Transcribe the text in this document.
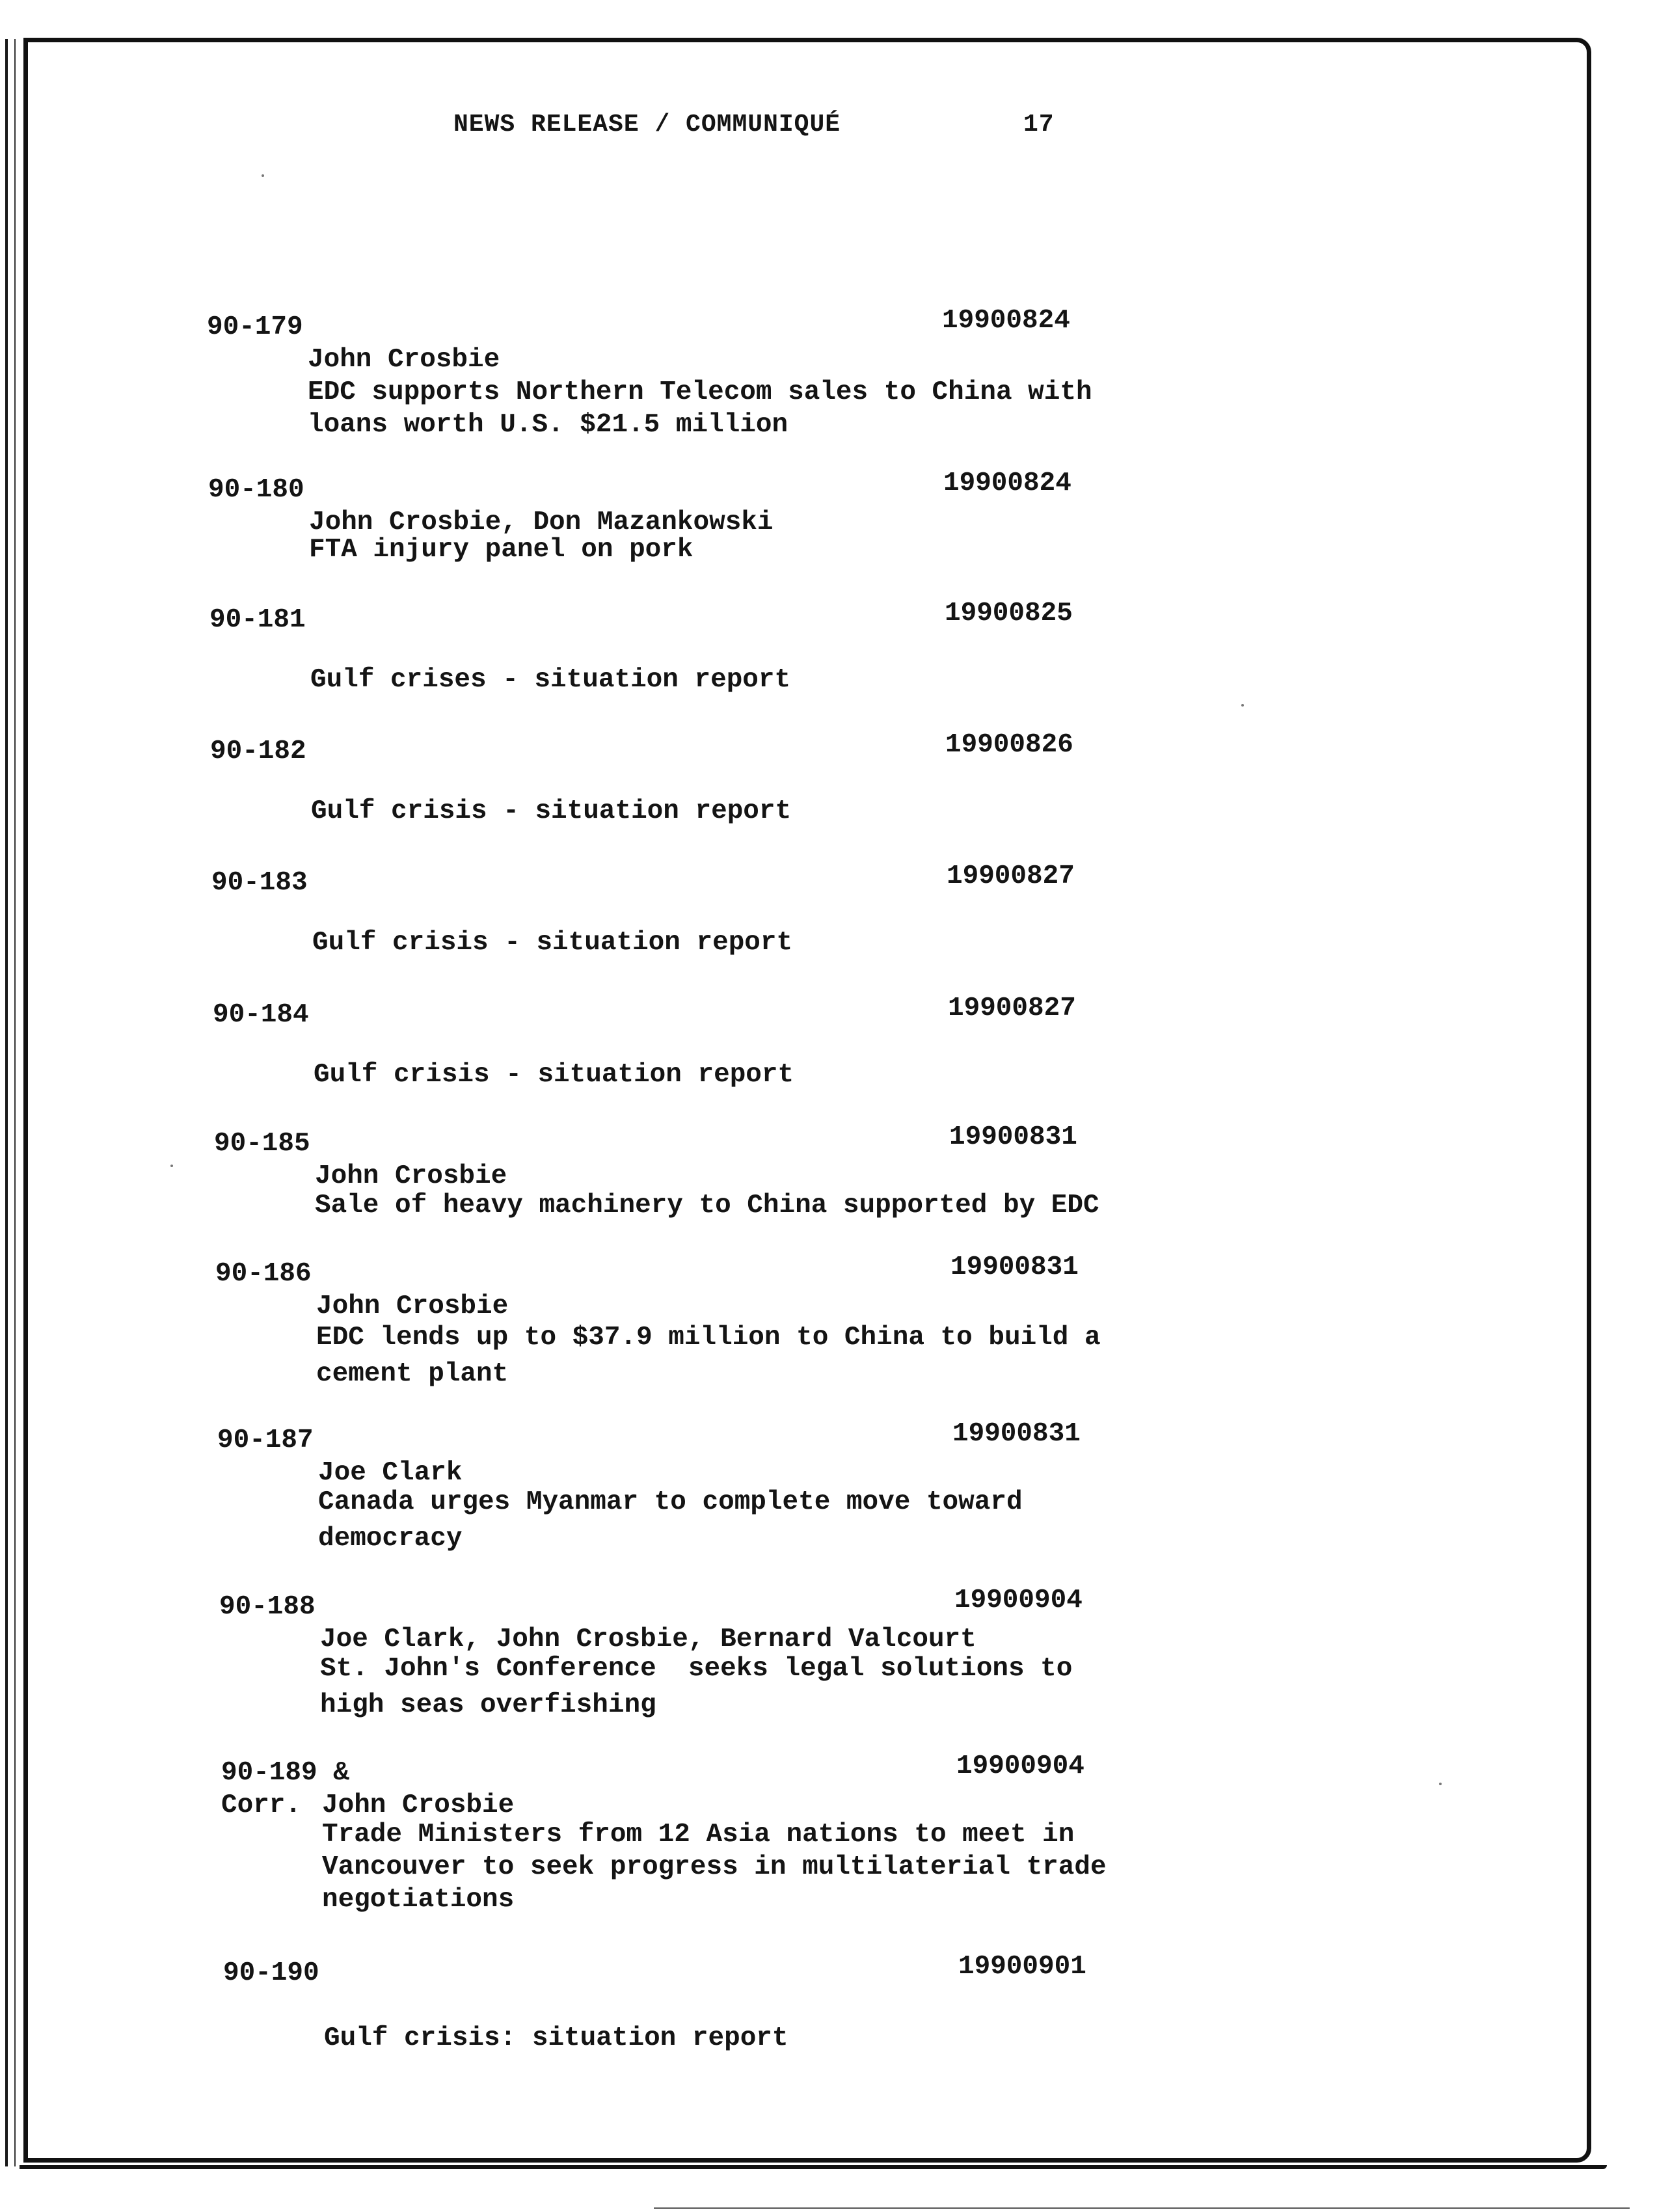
NEWS RELEASE / COMMUNIQUÉ	17
90-179	19900824
John Crosbie
EDC supports Northern Telecom sales to China with
loans worth U.S. $21.5 million
90-180	19900824
John Crosbie, Don Mazankowski
FTA injury panel on pork
90-181	19900825
Gulf crises - situation report
90-182	19900826
Gulf crisis - situation report
90-183	19900827
Gulf crisis - situation report
90-184	19900827
Gulf crisis - situation report
90-185	19900831
John Crosbie
Sale of heavy machinery to China supported by EDC
90-186	19900831
John Crosbie
EDC lends up to $37.9 million to China to build a
cement plant
90-187	19900831
Joe Clark
Canada urges Myanmar to complete move toward
democracy
90-188	19900904
Joe Clark, John Crosbie, Bernard Valcourt
St. John's Conference  seeks legal solutions to
high seas overfishing
90-189 &	19900904
Corr. John Crosbie
Trade Ministers from 12 Asia nations to meet in
Vancouver to seek progress in multilaterial trade
negotiations
90-190	19900901
Gulf crisis: situation report
